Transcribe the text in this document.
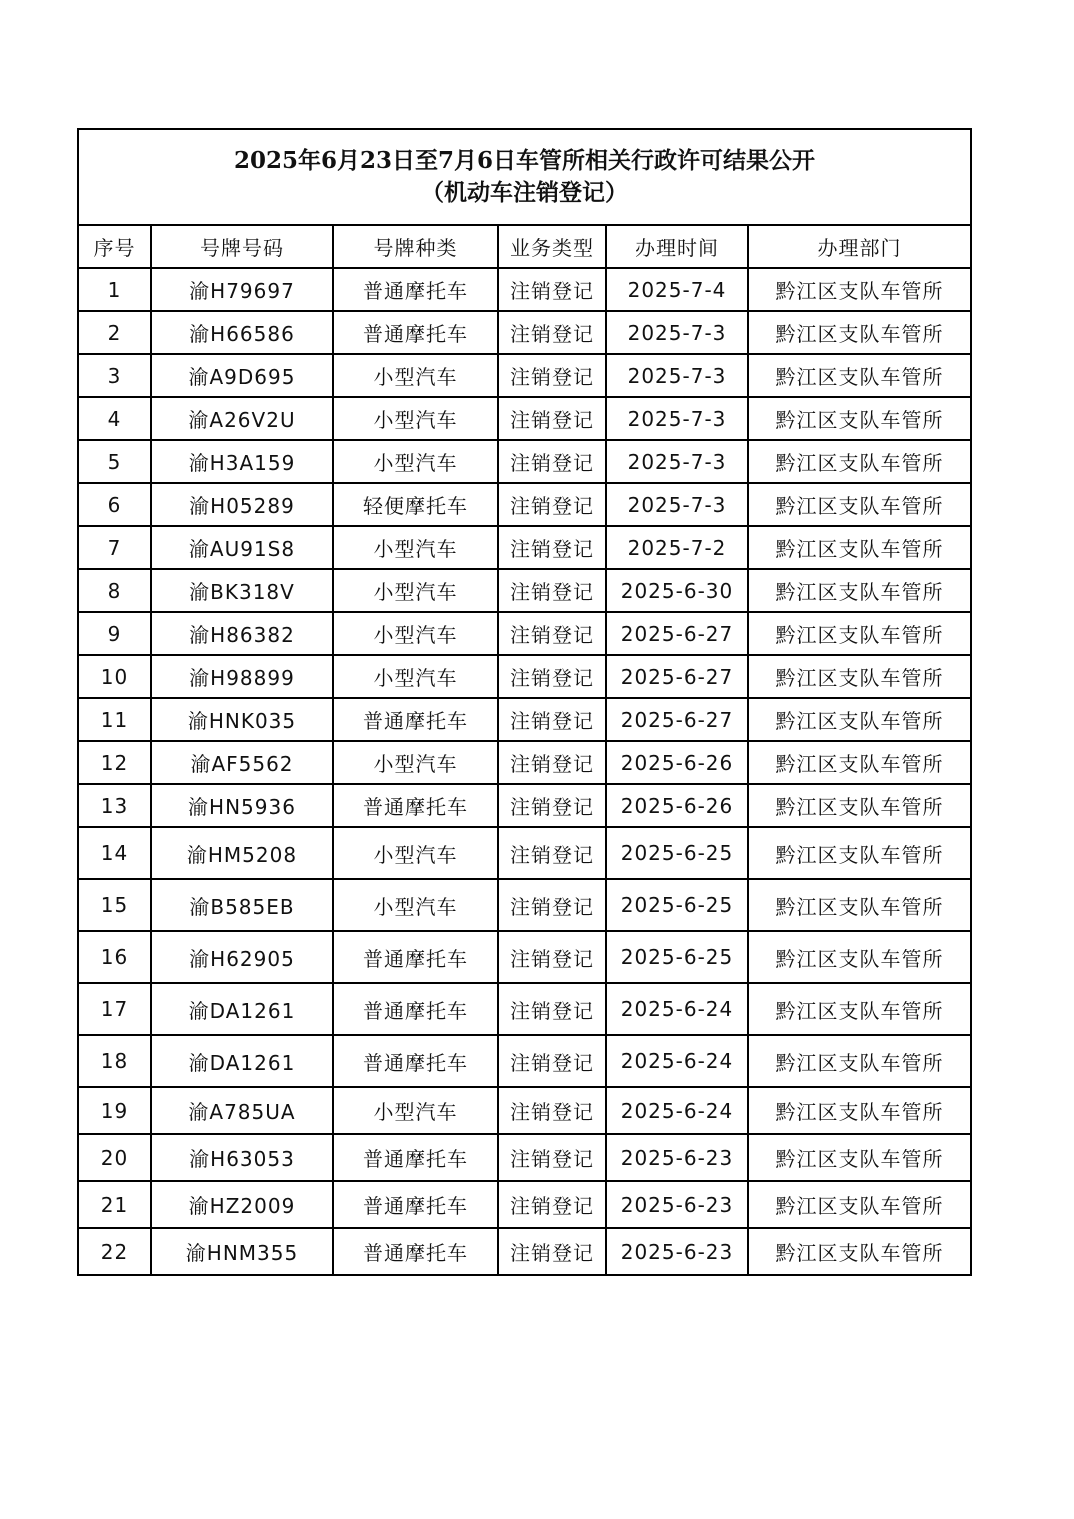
2025年6月23日至7月6日车管所相关行政许可结果公开
（机动车注销登记）					

序号	号牌号码	号牌种类	业务类型	办理时间	办理部门
1	渝H79697	普通摩托车	注销登记	2025-7-4	黔江区支队车管所
2	渝H66586	普通摩托车	注销登记	2025-7-3	黔江区支队车管所
3	渝A9D695	小型汽车	注销登记	2025-7-3	黔江区支队车管所
4	渝A26V2U	小型汽车	注销登记	2025-7-3	黔江区支队车管所
5	渝H3A159	小型汽车	注销登记	2025-7-3	黔江区支队车管所
6	渝H05289	轻便摩托车	注销登记	2025-7-3	黔江区支队车管所
7	渝AU91S8	小型汽车	注销登记	2025-7-2	黔江区支队车管所
8	渝BK318V	小型汽车	注销登记	2025-6-30	黔江区支队车管所
9	渝H86382	小型汽车	注销登记	2025-6-27	黔江区支队车管所
10	渝H98899	小型汽车	注销登记	2025-6-27	黔江区支队车管所
11	渝HNK035	普通摩托车	注销登记	2025-6-27	黔江区支队车管所
12	渝AF5562	小型汽车	注销登记	2025-6-26	黔江区支队车管所
13	渝HN5936	普通摩托车	注销登记	2025-6-26	黔江区支队车管所
14	渝HM5208	小型汽车	注销登记	2025-6-25	黔江区支队车管所
15	渝B585EB	小型汽车	注销登记	2025-6-25	黔江区支队车管所
16	渝H62905	普通摩托车	注销登记	2025-6-25	黔江区支队车管所
17	渝DA1261	普通摩托车	注销登记	2025-6-24	黔江区支队车管所
18	渝DA1261	普通摩托车	注销登记	2025-6-24	黔江区支队车管所
19	渝A785UA	小型汽车	注销登记	2025-6-24	黔江区支队车管所
20	渝H63053	普通摩托车	注销登记	2025-6-23	黔江区支队车管所
21	渝HZ2009	普通摩托车	注销登记	2025-6-23	黔江区支队车管所
22	渝HNM355	普通摩托车	注销登记	2025-6-23	黔江区支队车管所
